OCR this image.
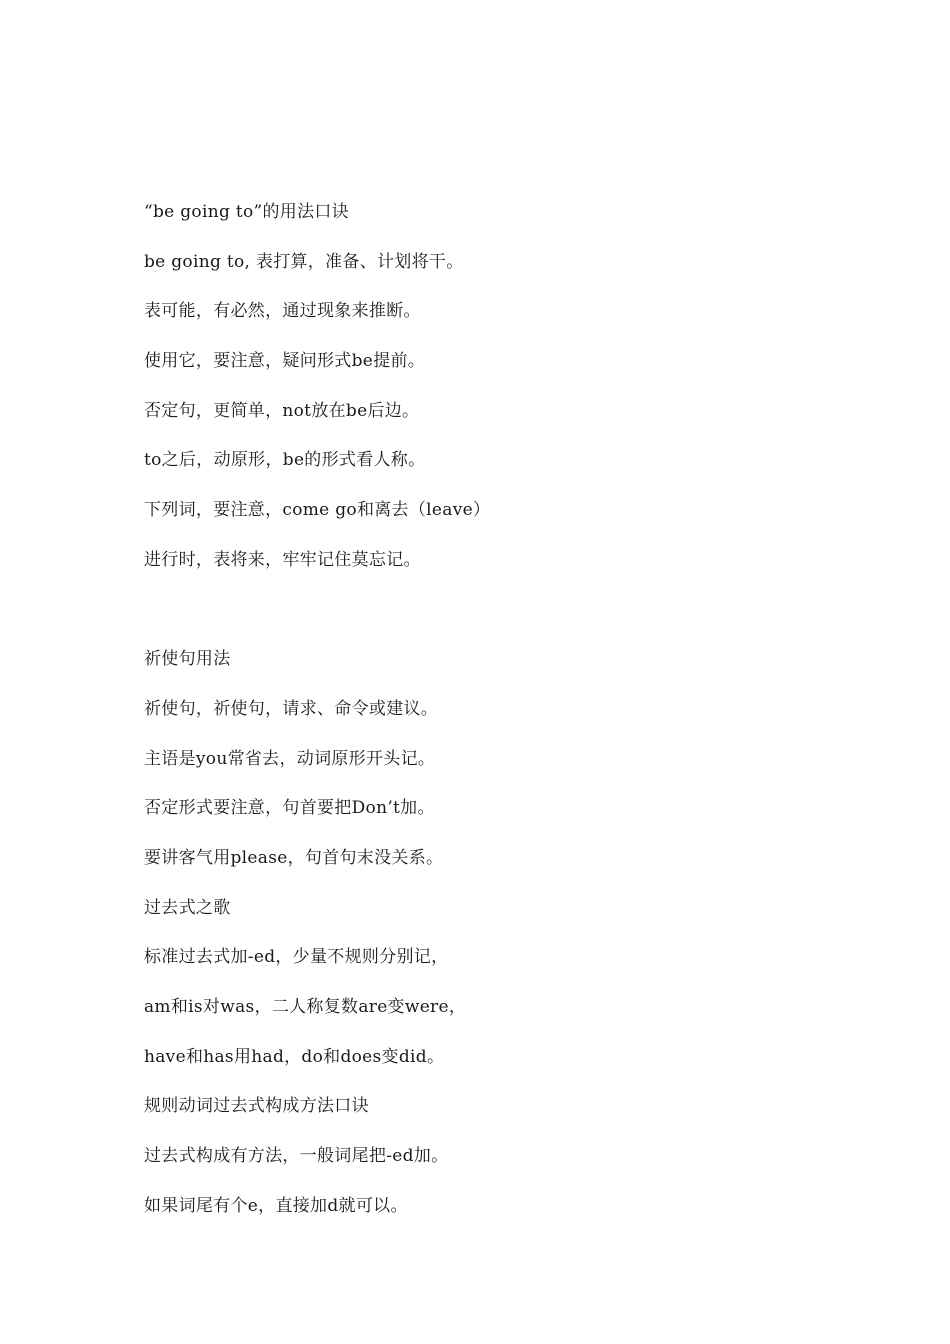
“be going to”的用法口诀
be going to, 表打算，准备、计划将干。
表可能，有必然，通过现象来推断。
使用它，要注意，疑问形式be提前。
否定句，更简单，not放在be后边。
to之后，动原形，be的形式看人称。
下列词，要注意，come go和离去（leave）
进行时，表将来，牢牢记住莫忘记。
祈使句用法
祈使句，祈使句，请求、命令或建议。
主语是you常省去，动词原形开头记。
否定形式要注意，句首要把Don’t加。
要讲客气用please，句首句末没关系。
过去式之歌
标准过去式加-ed，少量不规则分别记，
am和is对was，二人称复数are变were，
have和has用had，do和does变did。
规则动词过去式构成方法口诀
过去式构成有方法，一般词尾把-ed加。
如果词尾有个e，直接加d就可以。
